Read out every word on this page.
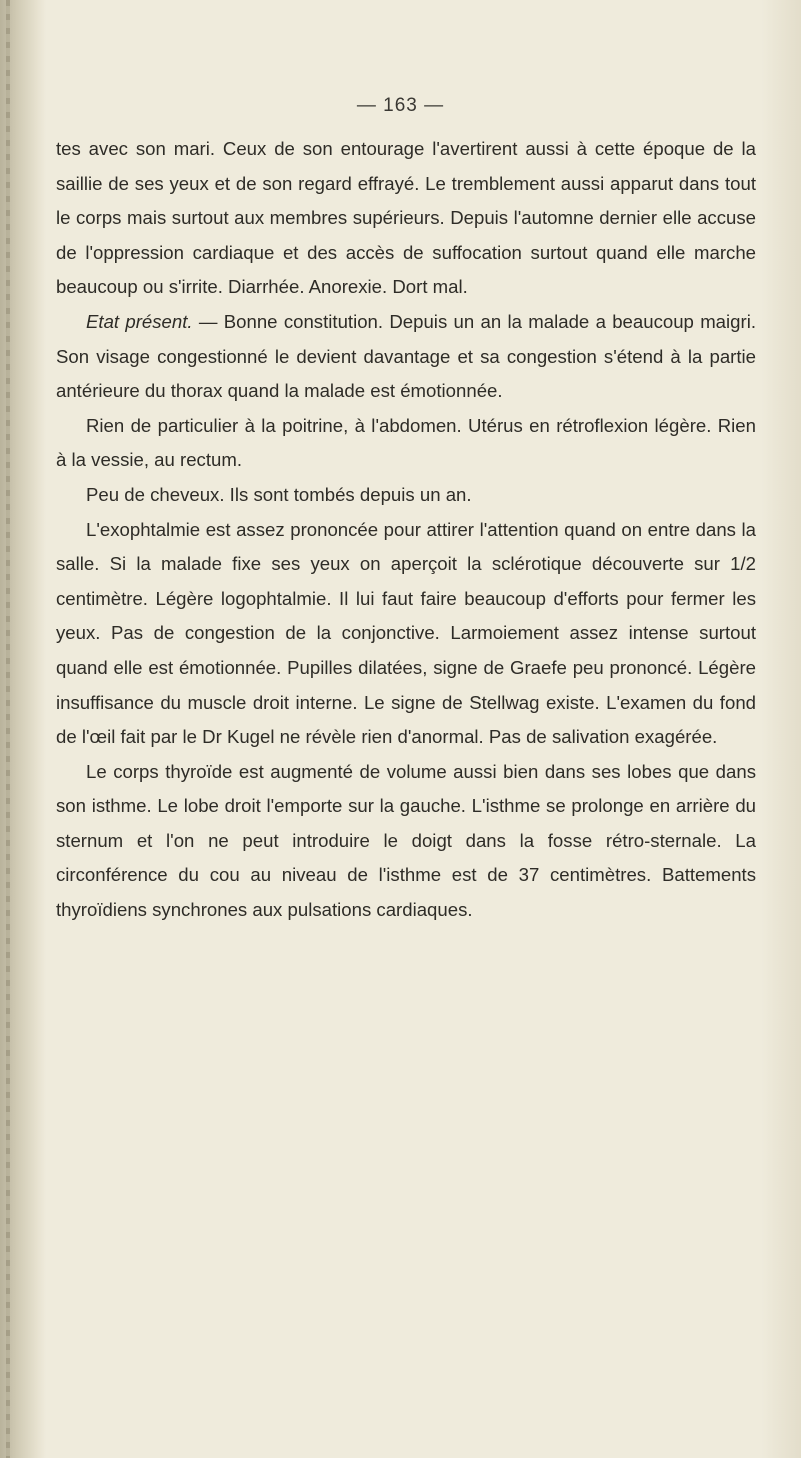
— 163 —

tes avec son mari. Ceux de son entourage l'avertirent aussi à cette époque de la saillie de ses yeux et de son regard effrayé. Le tremblement aussi apparut dans tout le corps mais surtout aux membres supérieurs. Depuis l'automne dernier elle accuse de l'oppression cardiaque et des accès de suffocation surtout quand elle marche beaucoup ou s'irrite. Diarrhée. Anorexie. Dort mal.

Etat présent. — Bonne constitution. Depuis un an la malade a beaucoup maigri. Son visage congestionné le devient davantage et sa congestion s'étend à la partie antérieure du thorax quand la malade est émotionnée.

Rien de particulier à la poitrine, à l'abdomen. Utérus en rétroflexion légère. Rien à la vessie, au rectum.

Peu de cheveux. Ils sont tombés depuis un an.

L'exophtalmie est assez prononcée pour attirer l'attention quand on entre dans la salle. Si la malade fixe ses yeux on aperçoit la sclérotique découverte sur 1/2 centimètre. Légère logophtalmie. Il lui faut faire beaucoup d'efforts pour fermer les yeux. Pas de congestion de la conjonctive. Larmoiement assez intense surtout quand elle est émotionnée. Pupilles dilatées, signe de Graefe peu prononcé. Légère insuffisance du muscle droit interne. Le signe de Stellwag existe. L'examen du fond de l'œil fait par le Dr Kugel ne révèle rien d'anormal. Pas de salivation exagérée.

Le corps thyroïde est augmenté de volume aussi bien dans ses lobes que dans son isthme. Le lobe droit l'emporte sur la gauche. L'isthme se prolonge en arrière du sternum et l'on ne peut introduire le doigt dans la fosse rétro-sternale. La circonférence du cou au niveau de l'isthme est de 37 centimètres. Battements thyroïdiens synchrones aux pulsations cardiaques.
